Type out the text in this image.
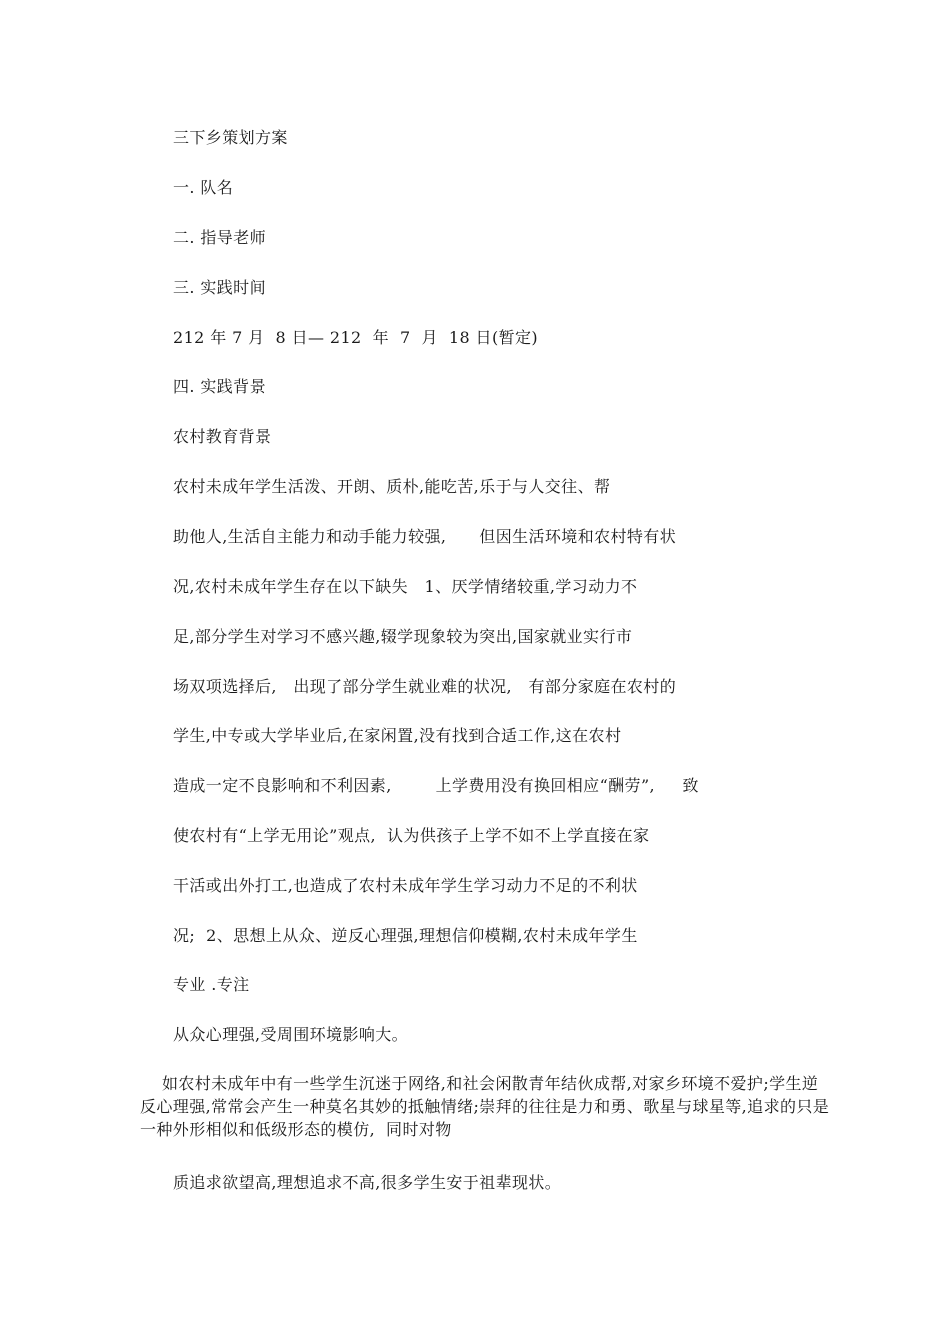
三下乡策划方案
一. 队名
二. 指导老师
三. 实践时间
212 年 7 月  8 日— 212  年  7  月  18 日(暂定)
四. 实践背景
农村教育背景
农村未成年学生活泼、开朗、质朴,能吃苦,乐于与人交往、帮
助他人,生活自主能力和动手能力较强,      但因生活环境和农村特有状
况,农村未成年学生存在以下缺失   1、厌学情绪较重,学习动力不
足,部分学生对学习不感兴趣,辍学现象较为突出,国家就业实行市
场双项选择后,   出现了部分学生就业难的状况,   有部分家庭在农村的
学生,中专或大学毕业后,在家闲置,没有找到合适工作,这在农村
造成一定不良影响和不利因素,        上学费用没有换回相应“酬劳”,     致
使农村有“上学无用论”观点,  认为供孩子上学不如不上学直接在家
干活或出外打工,也造成了农村未成年学生学习动力不足的不利状
况;  2、思想上从众、逆反心理强,理想信仰模糊,农村未成年学生
专业 .专注
从众心理强,受周围环境影响大。
如农村未成年中有一些学生沉迷于网络,和社会闲散青年结伙成帮,对家乡环境不爱护;学生逆反心理强,常常会产生一种莫名其妙的抵触情绪;崇拜的往往是力和勇、歌星与球星等,追求的只是一种外形相似和低级形态的模仿,  同时对物
质追求欲望高,理想追求不高,很多学生安于祖辈现状。
